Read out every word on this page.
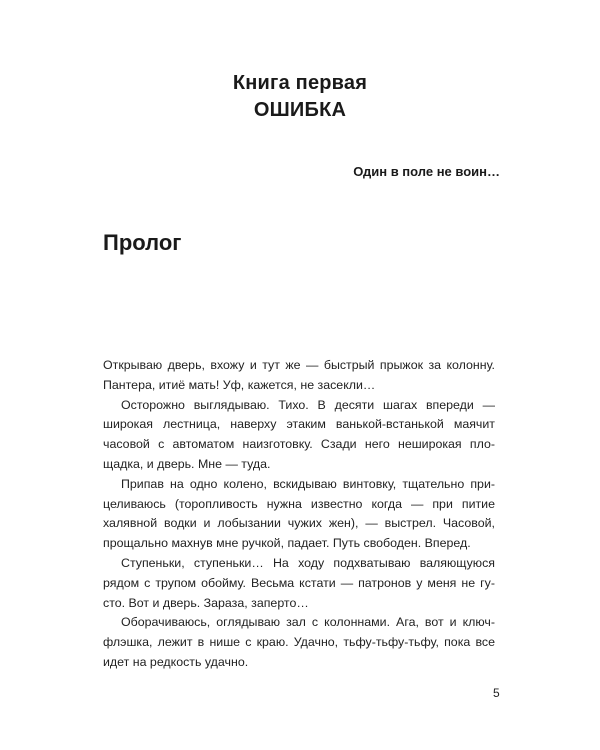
Книга первая
ОШИБКА
Один в поле не воин…
Пролог
Открываю дверь, вхожу и тут же — быстрый прыжок за колонну.
Пантера, итиё мать! Уф, кажется, не засекли…
Осторожно выглядываю. Тихо. В десяти шагах впереди —
широкая лестница, наверху этаким ванькой-встанькой маячит
часовой с автоматом наизготовку. Сзади него неширокая пло-
щадка, и дверь. Мне — туда.
Припав на одно колено, вскидываю винтовку, тщательно при-
целиваюсь (торопливость нужна известно когда — при питие
халявной водки и лобызании чужих жен), — выстрел. Часовой,
прощально махнув мне ручкой, падает. Путь свободен. Вперед.
Ступеньки, ступеньки… На ходу подхватываю валяющуюся
рядом с трупом обойму. Весьма кстати — патронов у меня не гу-
сто. Вот и дверь. Зараза, заперто…
Оборачиваюсь, оглядываю зал с колоннами. Ага, вот и ключ-
флэшка, лежит в нише с краю. Удачно, тьфу-тьфу-тьфу, пока все
идет на редкость удачно.
5
